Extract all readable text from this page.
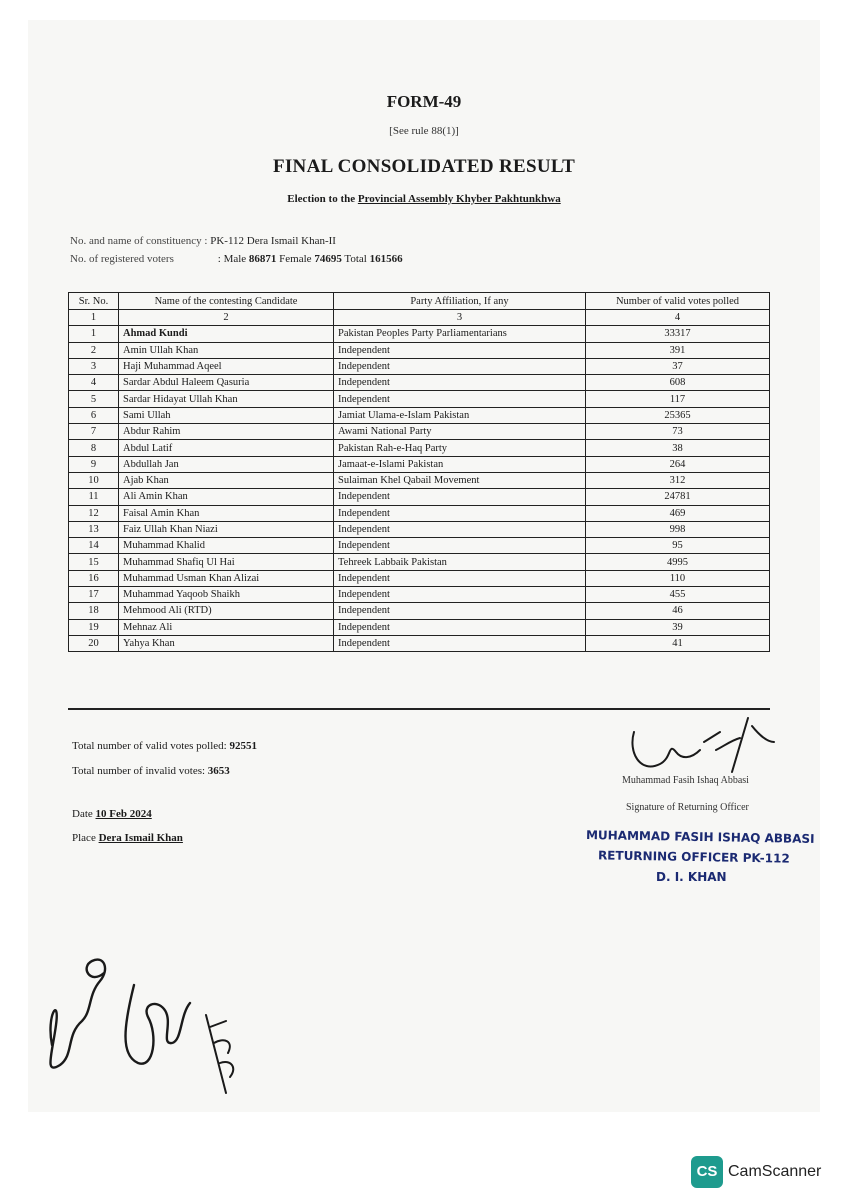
FORM-49
[See rule 88(1)]
FINAL CONSOLIDATED RESULT
Election to the Provincial Assembly Khyber Pakhtunkhwa
No. and name of constituency : PK-112 Dera Ismail Khan-II
No. of registered voters	: Male 86871 Female 74695 Total 161566
Sr. No.	Name of the contesting Candidate	Party Affiliation, If any	Number of valid votes polled
1	2	3	4
1	Ahmad Kundi	Pakistan Peoples Party Parliamentarians	33317
2	Amin Ullah Khan	Independent	391
3	Haji Muhammad Aqeel	Independent	37
4	Sardar Abdul Haleem Qasuria	Independent	608
5	Sardar Hidayat Ullah Khan	Independent	117
6	Sami Ullah	Jamiat Ulama-e-Islam Pakistan	25365
7	Abdur Rahim	Awami National Party	73
8	Abdul Latif	Pakistan Rah-e-Haq Party	38
9	Abdullah Jan	Jamaat-e-Islami Pakistan	264
10	Ajab Khan	Sulaiman Khel Qabail Movement	312
11	Ali Amin Khan	Independent	24781
12	Faisal Amin Khan	Independent	469
13	Faiz Ullah Khan Niazi	Independent	998
14	Muhammad Khalid	Independent	95
15	Muhammad Shafiq Ul Hai	Tehreek Labbaik Pakistan	4995
16	Muhammad Usman Khan Alizai	Independent	110
17	Muhammad Yaqoob Shaikh	Independent	455
18	Mehmood Ali (RTD)	Independent	46
19	Mehnaz Ali	Independent	39
20	Yahya Khan	Independent	41
Total number of valid votes polled: 92551
Total number of invalid votes: 3653
Date 10 Feb 2024
Place Dera Ismail Khan
Muhammad Fasih Ishaq Abbasi
Signature of Returning Officer
MUHAMMAD FASIH ISHAQ ABBASI
RETURNING OFFICER PK-112
D. I. KHAN
CS CamScanner
